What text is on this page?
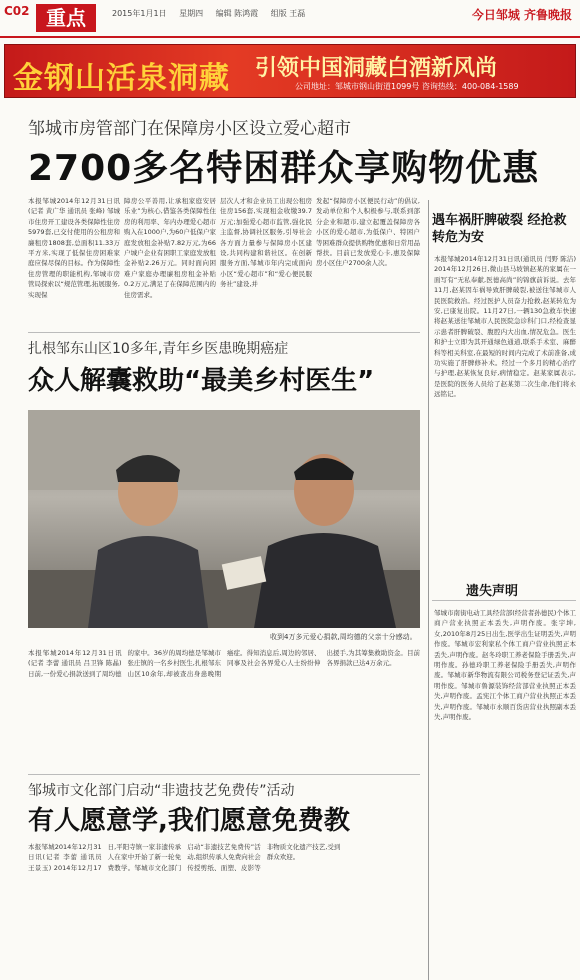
C02 重点	2015年1月1日 星期四 编辑 陈鸿霞 组版 王磊	今日邹城 齐鲁晚报
金钢山活泉洞藏 引领中国洞藏白酒新风尚
公司地址：邹城市钢山街道1099号 咨询热线：400-084-1589
邹城市房管部门在保障房小区设立爱心超市
2700多名特困群众享购物优惠
本报邹城2014年12月31日讯(记者 黄广华 通讯员 张峰) 邹城市住房开工建设各类保障性住房5979套,已交付使用的公租房和廉租房1808套,总面积11.33万平方米,实现了低保住房困难家庭应保尽保的目标。作为保障性住房管理的职能机构,邹城市房管局探索以“规范管理,拓展服务,实现保
障房公平善用,让承租家庭安居乐业”为核心,借鉴各类保障性住房的利用率、年内办理爱心超市购入在1000户,为60户低保户家庭发放租金补贴7.82万元,为66户城户企业有困职工家庭发放租金补贴2.26万元。同时面向困难户家庭办理廉租房租金补贴0.2万元,满足了在保障范围内的住房需求。
层次人才和企业员工出现公租房住房156套,实现租金收缴39.7万元;加强爱心超市监管,强化民主监督,协调社区服务,引导社会各方面力量参与保障房小区建设,共同构建和谐社区。在创新服务方面,邹城市年内完成面向小区“爱心超市”和“爱心便民服务社”建设,并
发起“保障房小区便民行动”的倡议,发动单位和个人积极参与,联系到部分企业和超市,建立起覆盖保障房各小区的爱心超市,为低保户、特困户等困难群众提供购物优惠和日常用品帮扶。目前已发放爱心卡,惠及保障房小区住户2700余人次。
遇车祸肝脾破裂 经抢救转危为安
本报邹城2014年12月31日讯(通讯员 闫野 陈洁) 2014年12月26日,微山县马坡镇赵某的家属在一面写有“无私奉献,医德高尚”的锦旗前诉说。去年11月,赵某因车祸导致肝脾破裂,被送往邹城市人民医院救治。经过医护人员奋力抢救,赵某转危为安,已康复出院。11月27日,一辆130急救车快速将赵某送往邹城市人民医院急诊科门口,经检查显示患者肝脾破裂、腹腔内大出血,情况危急。医生和护士立即为其开通绿色通道,联系手术室、麻醉科等相关科室,在最短的时间内完成了术前准备,成功实施了肝脾修补术。经过一个多月的精心治疗与护理,赵某恢复良好,病情稳定。赵某家属表示,是医院的医务人员给了赵某第二次生命,他们将永远铭记。
扎根邹东山区10多年,青年乡医患晚期癌症
众人解囊救助“最美乡村医生”
收到4万多元爱心捐款,周均德的父亲十分感动。
本报邹城2014年12月31日讯(记者 李蕾 通讯员 吕卫锋 陈晶) 日前,一份爱心捐款送到了周均德的家中。36岁的周均德是邹城市张庄镇的一名乡村医生,扎根邹东山区10余年,却被查出身患晚期癌症。得知消息后,周边的邻居、同事及社会各界爱心人士纷纷伸出援手,为其筹集救助资金。目前各界捐款已达4万余元。
遗失声明
邹城市南街电动工具经营部(经营者孙德民)个体工商户营业执照正本丢失,声明作废。张宇坤,女,2010年8月25日出生,医学出生证明丢失,声明作废。邹城市宏利家私个体工商户营业执照正本丢失,声明作废。赵冬玲职工养老保险手册丢失,声明作废。孙德玲职工养老保险手册丢失,声明作废。邹城市新华物流有限公司税务登记证丢失,声明作废。邹城市鲁源装饰经营部营业执照正本丢失,声明作废。孟宪江个体工商户营业执照正本丢失,声明作废。邹城市永顺百货店营业执照副本丢失,声明作废。
邹城市文化部门启动“非遗技艺免费传”活动
有人愿意学,我们愿意免费教
本报邹城2014年12月31日讯(记者 李蕾 通讯员 王景玉) 2014年12月17日,平阳寺镇一家非遗传承人在家中开始了新一轮免费教学。邹城市文化部门启动“非遗技艺免费传”活动,组织传承人免费向社会传授剪纸、面塑、皮影等非物质文化遗产技艺,受到群众欢迎。
